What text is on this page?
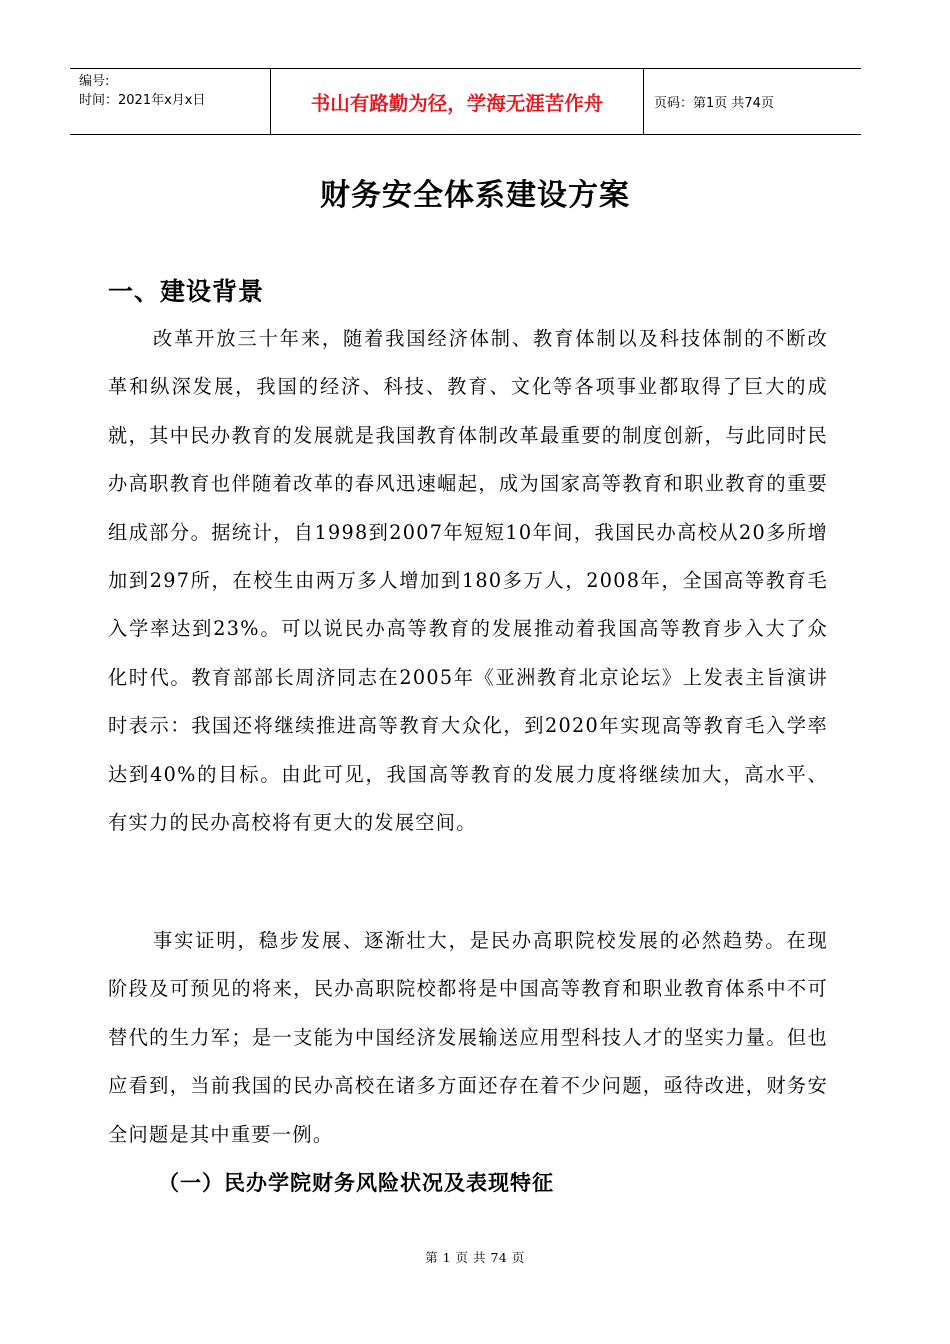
编号:
时间：2021年x月x日	书山有路勤为径，学海无涯苦作舟	页码：第1页 共74页
财务安全体系建设方案
一、建设背景
改革开放三十年来，随着我国经济体制、教育体制以及科技体制的不断改革和纵深发展，我国的经济、科技、教育、文化等各项事业都取得了巨大的成就，其中民办教育的发展就是我国教育体制改革最重要的制度创新，与此同时民办高职教育也伴随着改革的春风迅速崛起，成为国家高等教育和职业教育的重要组成部分。据统计，自1998到2007年短短10年间，我国民办高校从20多所增加到297所，在校生由两万多人增加到180多万人，2008年，全国高等教育毛入学率达到23%。可以说民办高等教育的发展推动着我国高等教育步入大了众化时代。教育部部长周济同志在2005年《亚洲教育北京论坛》上发表主旨演讲时表示：我国还将继续推进高等教育大众化，到2020年实现高等教育毛入学率达到40%的目标。由此可见，我国高等教育的发展力度将继续加大，高水平、有实力的民办高校将有更大的发展空间。
事实证明，稳步发展、逐渐壮大，是民办高职院校发展的必然趋势。在现阶段及可预见的将来，民办高职院校都将是中国高等教育和职业教育体系中不可替代的生力军；是一支能为中国经济发展输送应用型科技人才的坚实力量。但也应看到，当前我国的民办高校在诸多方面还存在着不少问题，亟待改进，财务安全问题是其中重要一例。
（一）民办学院财务风险状况及表现特征
第 1 页 共 74 页
